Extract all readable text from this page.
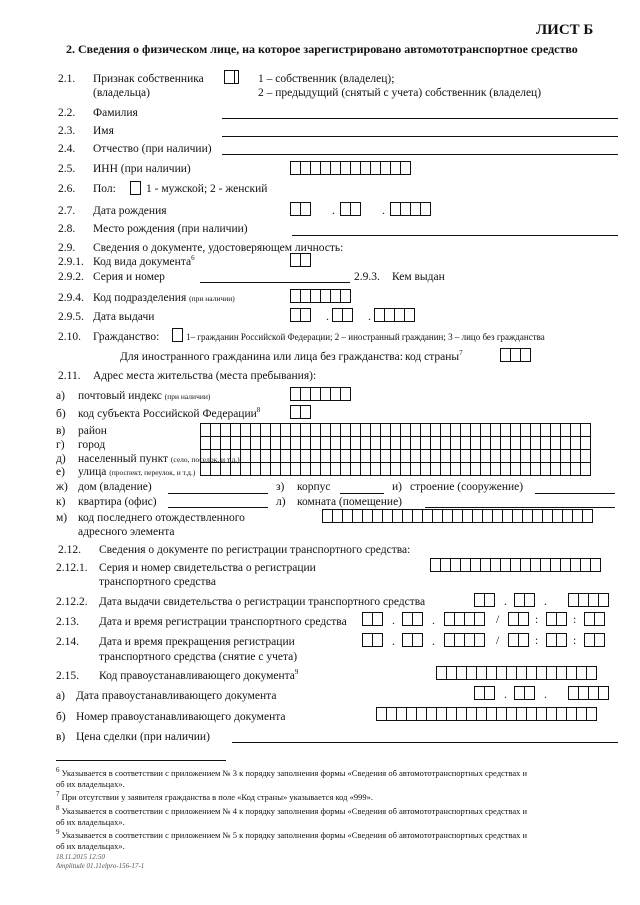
ЛИСТ Б
2. Сведения о физическом лице, на которое зарегистрировано автомототранспортное средство
2.1. Признак собственника
(владельца)
1 – собственник (владелец);
2 – предыдущий (снятый с учета) собственник (владелец)
2.2. Фамилия
2.3. Имя
2.4. Отчество (при наличии)
2.5. ИНН (при наличии)
2.6. Пол:	1 - мужской; 2 - женский
2.7. Дата рождения	.	.
2.8. Место рождения (при наличии)
2.9. Сведения о документе, удостоверяющем личность:
2.9.1. Код вида документа$^6$
2.9.2. Серия и номер	2.9.3. Кем выдан
2.9.4. Код подразделения (при наличии)
2.9.5. Дата выдачи	.	.
2.10. Гражданство:	1– гражданин Российской Федерации; 2 – иностранный гражданин; 3 – лицо без гражданства
Для иностранного гражданина или лица без гражданства: код страны$^7$
2.11. Адрес места жительства (места пребывания):
а) почтовый индекс (при наличии)
б) код субъекта Российской Федерации$^8$
в) район
г) город
д) населенный пункт (село, поселок, и т.д.)
е) улица (проспект, переулок, и т.д.)
ж) дом (владение)	з) корпус	и) строение (сооружение)
к) квартира (офис)	л) комната (помещение)
м) код последнего отождествленного
адресного элемента
2.12. Сведения о документе по регистрации транспортного средства:
2.12.1. Серия и номер свидетельства о регистрации
транспортного средства
2.12.2. Дата выдачи свидетельства о регистрации транспортного средства	.	.
2.13. Дата и время регистрации транспортного средства	.	.	/	:	:
2.14. Дата и время прекращения регистрации
транспортного средства (снятие с учета)
.	.	/	:	:
2.15. Код правоустанавливающего документа$^9$
а) Дата правоустанавливающего документа	.	.
б) Номер правоустанавливающего документа
в) Цена сделки (при наличии)
$^6$ Указывается в соответствии с приложением № 3 к порядку заполнения формы «Сведения об автомототранспортных средствах и
об их владельцах».
$^7$ При отсутствии у заявителя гражданства в поле «Код страны» указывается код «999».
$^8$ Указывается в соответствии с приложением № 4 к порядку заполнения формы «Сведения об автомототранспортных средствах и
об их владельцах».
$^9$ Указывается в соответствии с приложением № 5 к порядку заполнения формы «Сведения об автомототранспортных средствах и
об их владельцах».
18.11.2015 12:50
Amplitude 01.11elpro-156-17-1
